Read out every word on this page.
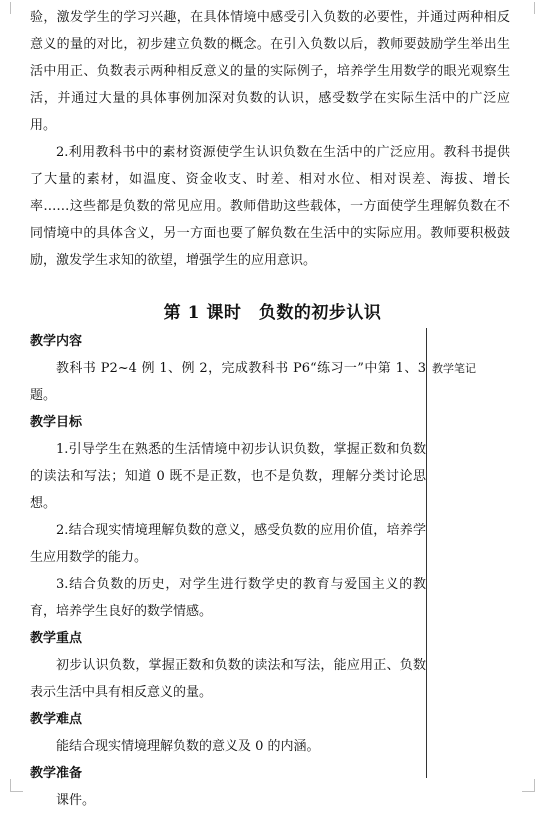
验，激发学生的学习兴趣，在具体情境中感受引入负数的必要性，并通过两种相反意义的量的对比，初步建立负数的概念。在引入负数以后，教师要鼓励学生举出生活中用正、负数表示两种相反意义的量的实际例子，培养学生用数学的眼光观察生活，并通过大量的具体事例加深对负数的认识，感受数学在实际生活中的广泛应用。

2.利用教科书中的素材资源使学生认识负数在生活中的广泛应用。教科书提供了大量的素材，如温度、资金收支、时差、相对水位、相对误差、海拔、增长率……这些都是负数的常见应用。教师借助这些载体，一方面使学生理解负数在不同情境中的具体含义，另一方面也要了解负数在生活中的实际应用。教师要积极鼓励，激发学生求知的欲望，增强学生的应用意识。

第 1 课时　负数的初步认识
教学内容

教科书 P2~4 例 1、例 2，完成教科书 P6“练习一”中第 1、3 题。

教学目标

1.引导学生在熟悉的生活情境中初步认识负数，掌握正数和负数的读法和写法；知道 0 既不是正数，也不是负数，理解分类讨论思想。

2.结合现实情境理解负数的意义，感受负数的应用价值，培养学生应用数学的能力。

3.结合负数的历史，对学生进行数学史的教育与爱国主义的教育，培养学生良好的数学情感。

教学重点

初步认识负数，掌握正数和负数的读法和写法，能应用正、负数表示生活中具有相反意义的量。

教学难点

能结合现实情境理解负数的意义及 0 的内涵。

教学准备

课件。

教学笔记
